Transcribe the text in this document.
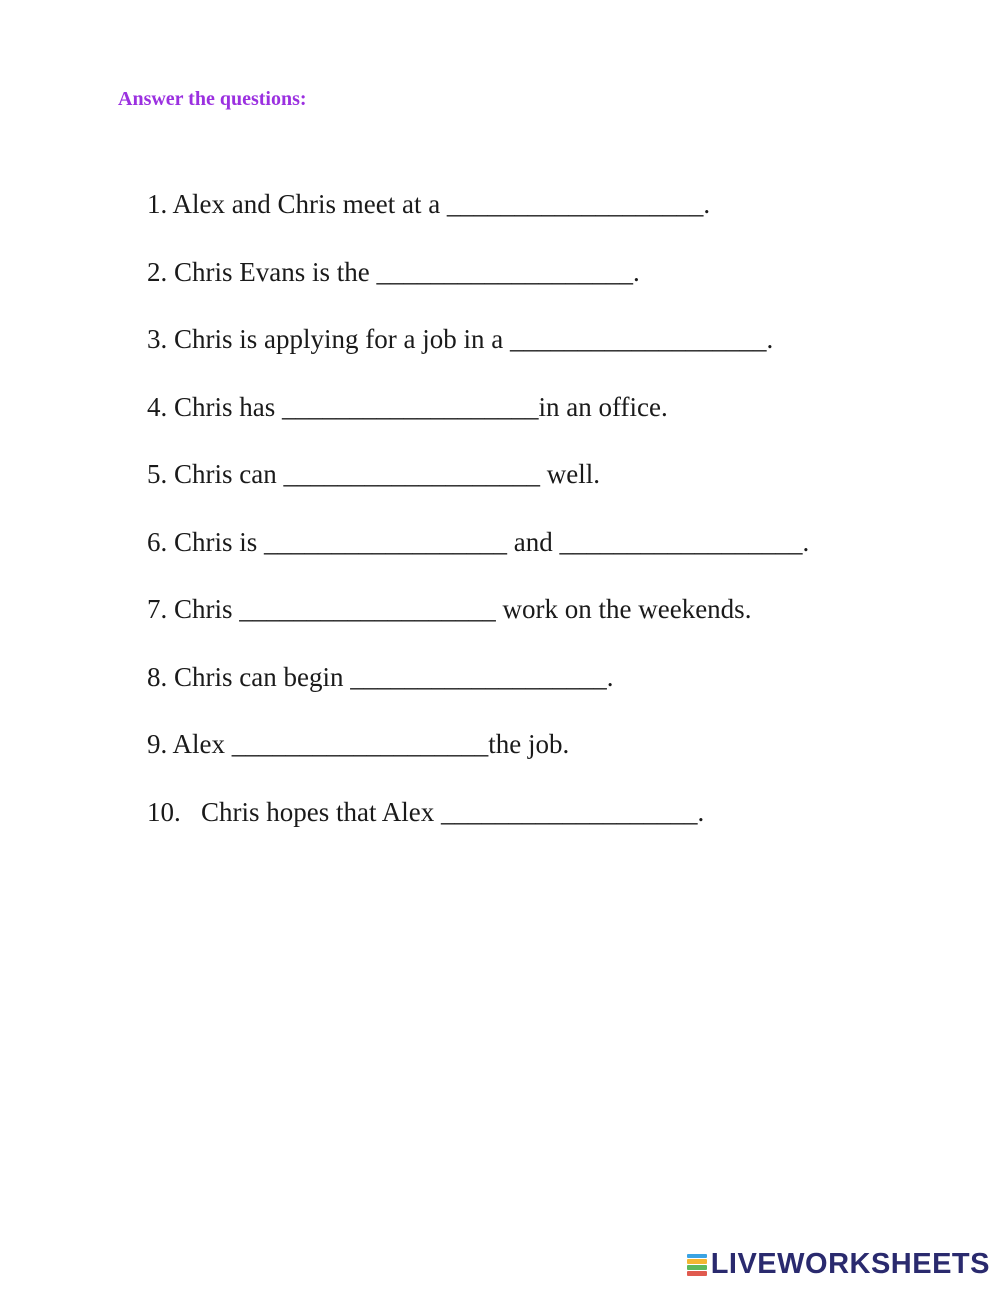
Answer the questions:
1. Alex and Chris meet at a ___________________.
2. Chris Evans is the ___________________.
3. Chris is applying for a job in a ___________________.
4. Chris has ___________________in an office.
5. Chris can ___________________ well.
6. Chris is __________________ and __________________.
7. Chris ___________________ work on the weekends.
8. Chris can begin ___________________.
9. Alex ___________________the job.
10.   Chris hopes that Alex ___________________.
LIVEWORKSHEETS
